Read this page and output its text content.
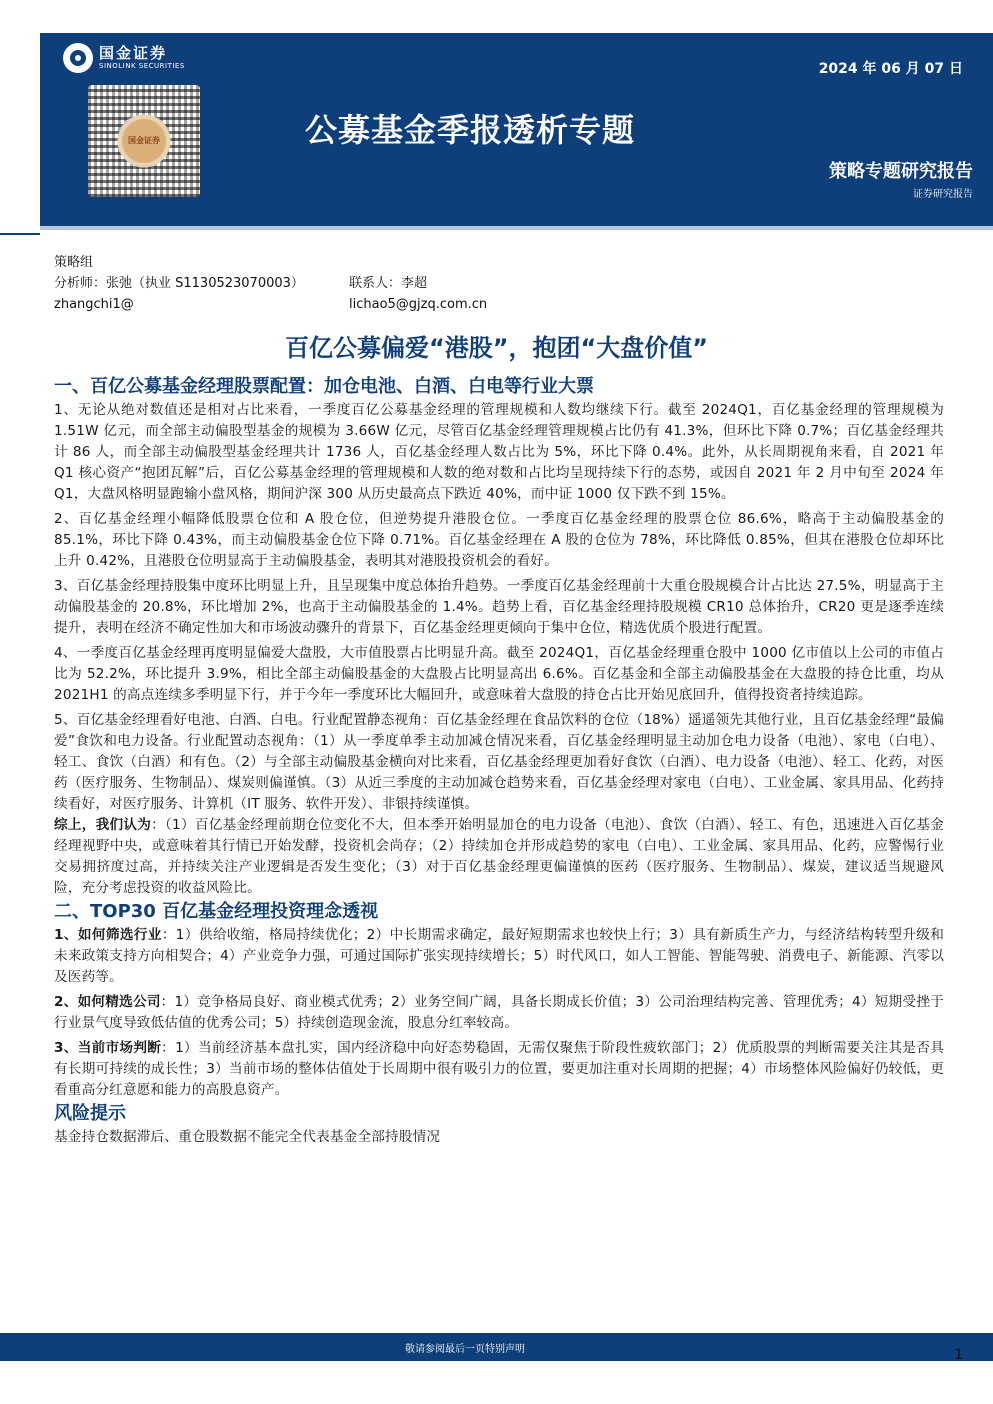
国金证券
SINOLINK SECURITIES
国金证券
2024 年 06 月 07 日
公募基金季报透析专题
策略专题研究报告
证券研究报告
策略组
分析师：张弛（执业 S1130523070003）	联系人：李超
zhangchi1@	lichao5@gjzq.com.cn
百亿公募偏爱“港股”，抱团“大盘价值”

一、百亿公募基金经理股票配置：加仓电池、白酒、白电等行业大票

1、无论从绝对数值还是相对占比来看，一季度百亿公募基金经理的管理规模和人数均继续下行。截至 2024Q1，百亿基金经理的管理规模为 1.51W 亿元，而全部主动偏股型基金的规模为 3.66W 亿元，尽管百亿基金经理管理规模占比仍有 41.3%，但环比下降 0.7%；百亿基金经理共计 86 人，而全部主动偏股型基金经理共计 1736 人，百亿基金经理人数占比为 5%，环比下降 0.4%。此外，从长周期视角来看，自 2021 年 Q1 核心资产“抱团瓦解”后，百亿公募基金经理的管理规模和人数的绝对数和占比均呈现持续下行的态势，或因自 2021 年 2 月中旬至 2024 年 Q1，大盘风格明显跑输小盘风格，期间沪深 300 从历史最高点下跌近 40%，而中证 1000 仅下跌不到 15%。

2、百亿基金经理小幅降低股票仓位和 A 股仓位，但逆势提升港股仓位。一季度百亿基金经理的股票仓位 86.6%，略高于主动偏股基金的 85.1%，环比下降 0.43%，而主动偏股基金仓位下降 0.71%。百亿基金经理在 A 股的仓位为 78%，环比降低 0.85%，但其在港股仓位却环比上升 0.42%，且港股仓位明显高于主动偏股基金，表明其对港股投资机会的看好。

3、百亿基金经理持股集中度环比明显上升，且呈现集中度总体抬升趋势。一季度百亿基金经理前十大重仓股规模合计占比达 27.5%，明显高于主动偏股基金的 20.8%，环比增加 2%，也高于主动偏股基金的 1.4%。趋势上看，百亿基金经理持股规模 CR10 总体抬升，CR20 更是逐季连续提升，表明在经济不确定性加大和市场波动骤升的背景下，百亿基金经理更倾向于集中仓位，精选优质个股进行配置。

4、一季度百亿基金经理再度明显偏爱大盘股，大市值股票占比明显升高。截至 2024Q1，百亿基金经理重仓股中 1000 亿市值以上公司的市值占比为 52.2%，环比提升 3.9%，相比全部主动偏股基金的大盘股占比明显高出 6.6%。百亿基金和全部主动偏股基金在大盘股的持仓比重，均从 2021H1 的高点连续多季明显下行，并于今年一季度环比大幅回升，或意味着大盘股的持仓占比开始见底回升，值得投资者持续追踪。

5、百亿基金经理看好电池、白酒、白电。行业配置静态视角：百亿基金经理在食品饮料的仓位（18%）遥遥领先其他行业，且百亿基金经理“最偏爱”食饮和电力设备。行业配置动态视角：（1）从一季度单季主动加减仓情况来看，百亿基金经理明显主动加仓电力设备（电池）、家电（白电）、轻工、食饮（白酒）和有色。（2）与全部主动偏股基金横向对比来看，百亿基金经理更加看好食饮（白酒）、电力设备（电池）、轻工、化药，对医药（医疗服务、生物制品）、煤炭则偏谨慎。（3）从近三季度的主动加减仓趋势来看，百亿基金经理对家电（白电）、工业金属、家具用品、化药持续看好，对医疗服务、计算机（IT 服务、软件开发）、非银持续谨慎。

综上，我们认为：（1）百亿基金经理前期仓位变化不大，但本季开始明显加仓的电力设备（电池）、食饮（白酒）、轻工、有色，迅速进入百亿基金经理视野中央，或意味着其行情已开始发酵，投资机会尚存；（2）持续加仓并形成趋势的家电（白电）、工业金属、家具用品、化药，应警惕行业交易拥挤度过高，并持续关注产业逻辑是否发生变化；（3）对于百亿基金经理更偏谨慎的医药（医疗服务、生物制品）、煤炭，建议适当规避风险，充分考虑投资的收益风险比。

二、TOP30 百亿基金经理投资理念透视

1、如何筛选行业：1）供给收缩，格局持续优化；2）中长期需求确定，最好短期需求也较快上行；3）具有新质生产力，与经济结构转型升级和未来政策支持方向相契合；4）产业竞争力强，可通过国际扩张实现持续增长；5）时代风口，如人工智能、智能驾驶、消费电子、新能源、汽零以及医药等。

2、如何精选公司：1）竞争格局良好、商业模式优秀；2）业务空间广阔，具备长期成长价值；3）公司治理结构完善、管理优秀；4）短期受挫于行业景气度导致低估值的优秀公司；5）持续创造现金流，股息分红率较高。

3、当前市场判断：1）当前经济基本盘扎实，国内经济稳中向好态势稳固，无需仅聚焦于阶段性疲软部门；2）优质股票的判断需要关注其是否具有长期可持续的成长性；3）当前市场的整体估值处于长周期中很有吸引力的位置，要更加注重对长周期的把握；4）市场整体风险偏好仍较低，更看重高分红意愿和能力的高股息资产。

风险提示

基金持仓数据滞后、重仓股数据不能完全代表基金全部持股情况

敬请参阅最后一页特别声明	1
